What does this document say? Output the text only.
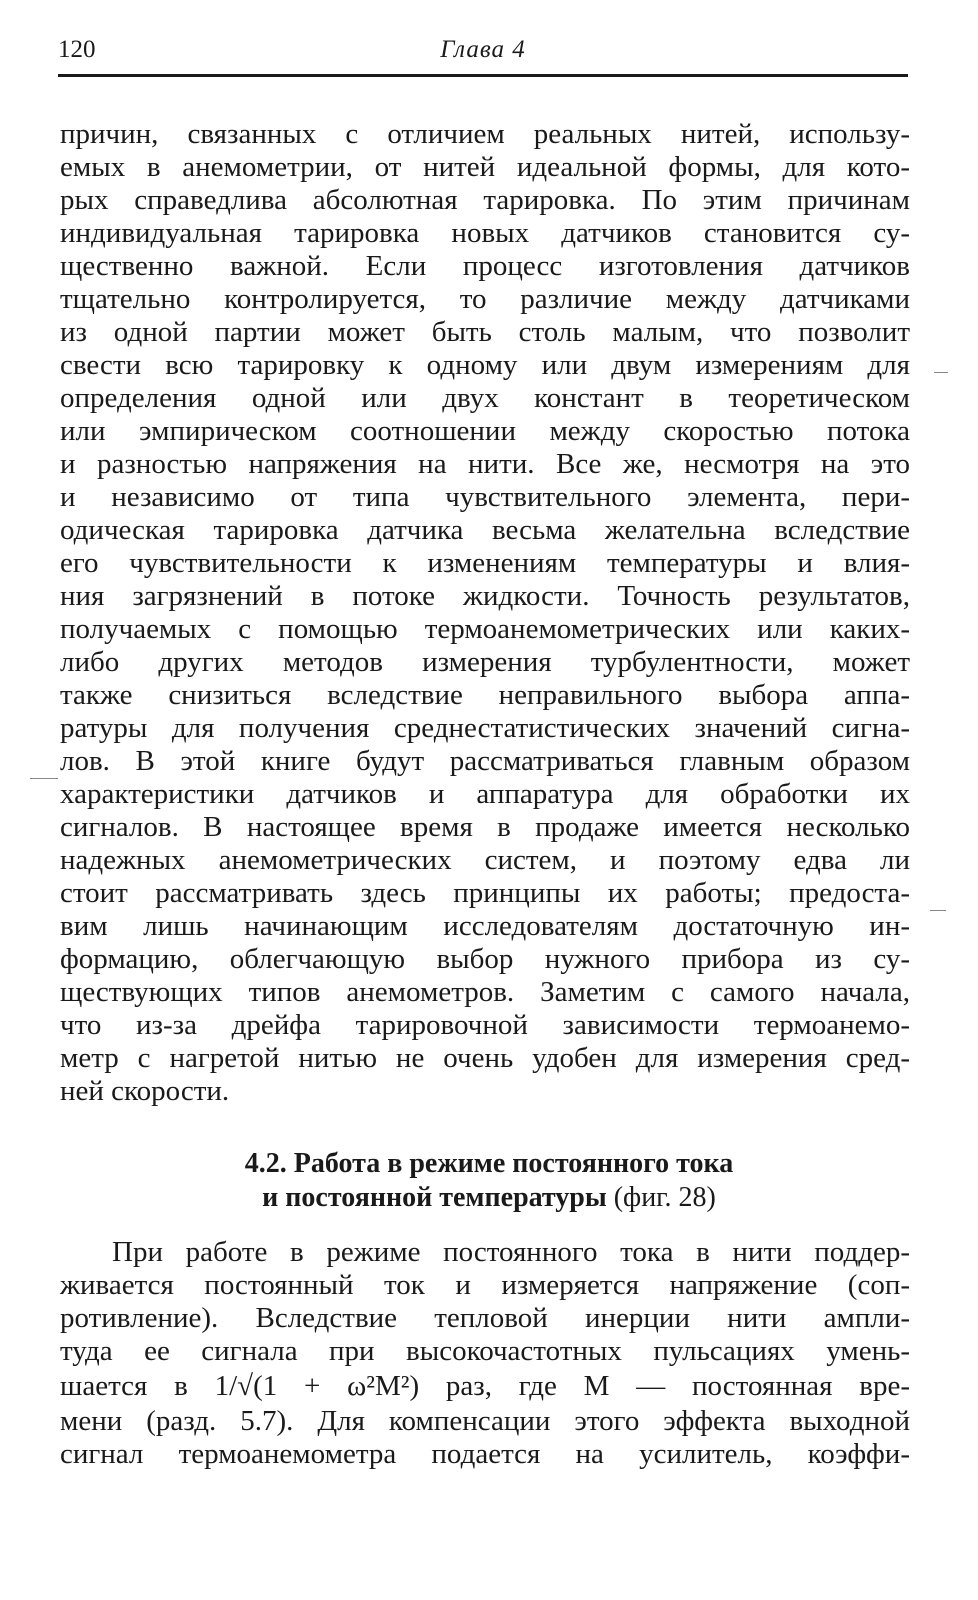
120	Глава 4
причин, связанных с отличием реальных нитей, использу-
емых в анемометрии, от нитей идеальной формы, для кото-
рых справедлива абсолютная тарировка. По этим причинам
индивидуальная тарировка новых датчиков становится су-
щественно важной. Если процесс изготовления датчиков
тщательно контролируется, то различие между датчиками
из одной партии может быть столь малым, что позволит
свести всю тарировку к одному или двум измерениям для
определения одной или двух констант в теоретическом
или эмпирическом соотношении между скоростью потока
и разностью напряжения на нити. Все же, несмотря на это
и независимо от типа чувствительного элемента, пери-
одическая тарировка датчика весьма желательна вследствие
его чувствительности к изменениям температуры и влия-
ния загрязнений в потоке жидкости. Точность результатов,
получаемых с помощью термоанемометрических или каких-
либо других методов измерения турбулентности, может
также снизиться вследствие неправильного выбора аппа-
ратуры для получения среднестатистических значений сигна-
лов. В этой книге будут рассматриваться главным образом
характеристики датчиков и аппаратура для обработки их
сигналов. В настоящее время в продаже имеется несколько
надежных анемометрических систем, и поэтому едва ли
стоит рассматривать здесь принципы их работы; предоста-
вим лишь начинающим исследователям достаточную ин-
формацию, облегчающую выбор нужного прибора из су-
ществующих типов анемометров. Заметим с самого начала,
что из-за дрейфа тарировочной зависимости термоанемо-
метр с нагретой нитью не очень удобен для измерения сред-
ней скорости.
4.2. Работа в режиме постоянного тока
и постоянной температуры (фиг. 28)
При работе в режиме постоянного тока в нити поддер-
живается постоянный ток и измеряется напряжение (соп-
ротивление). Вследствие тепловой инерции нити ампли-
туда ее сигнала при высокочастотных пульсациях умень-
шается в 1/√(1 + ω²M²) раз, где M — постоянная вре-
мени (разд. 5.7). Для компенсации этого эффекта выходной
сигнал термоанемометра подается на усилитель, коэффи-
